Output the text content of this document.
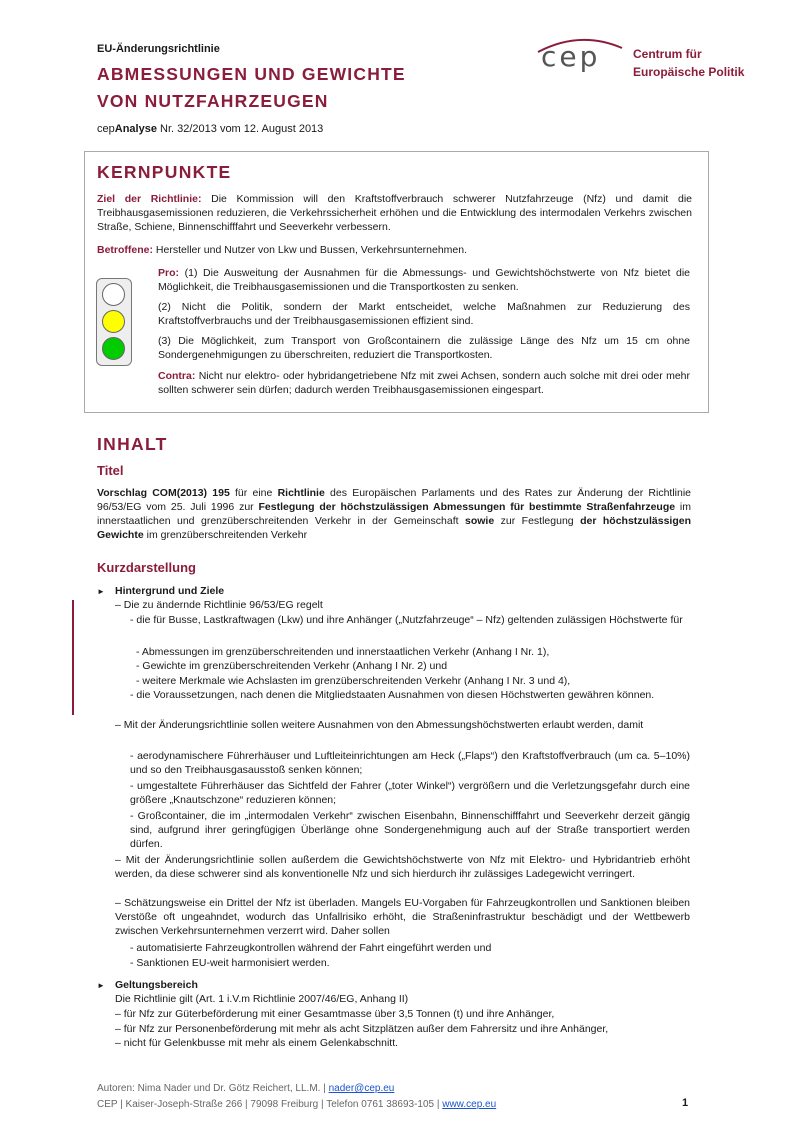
EU-Änderungsrichtlinie
ABMESSUNGEN UND GEWICHTE
VON NUTZFAHRZEUGEN
cepAnalyse Nr. 32/2013 vom 12. August 2013
cep	Centrum für
Europäische Politik
KERNPUNKTE
Ziel der Richtlinie: Die Kommission will den Kraftstoffverbrauch schwerer Nutzfahrzeuge (Nfz) und damit die Treibhausgasemissionen reduzieren, die Verkehrssicherheit erhöhen und die Entwicklung des intermodalen Verkehrs zwischen Straße, Schiene, Binnenschifffahrt und Seeverkehr verbessern.
Betroffene: Hersteller und Nutzer von Lkw und Bussen, Verkehrsunternehmen.
Pro: (1) Die Ausweitung der Ausnahmen für die Abmessungs- und Gewichtshöchstwerte von Nfz bietet die Möglichkeit, die Treibhausgasemissionen und die Transportkosten zu senken.
(2) Nicht die Politik, sondern der Markt entscheidet, welche Maßnahmen zur Reduzierung des Kraftstoffverbrauchs und der Treibhausgasemissionen effizient sind.
(3) Die Möglichkeit, zum Transport von Großcontainern die zulässige Länge des Nfz um 15 cm ohne Sondergenehmigungen zu überschreiten, reduziert die Transportkosten.
Contra: Nicht nur elektro- oder hybridangetriebene Nfz mit zwei Achsen, sondern auch solche mit drei oder mehr sollten schwerer sein dürfen; dadurch werden Treibhausgasemissionen eingespart.
INHALT
Titel
Vorschlag COM(2013) 195 für eine Richtlinie des Europäischen Parlaments und des Rates zur Änderung der Richtlinie 96/53/EG vom 25. Juli 1996 zur Festlegung der höchstzulässigen Abmessungen für bestimmte Straßenfahrzeuge im innerstaatlichen und grenzüberschreitenden Verkehr in der Gemeinschaft sowie zur Festlegung der höchstzulässigen Gewichte im grenzüberschreitenden Verkehr
Kurzdarstellung
► Hintergrund und Ziele
– Die zu ändernde Richtlinie 96/53/EG regelt
- die für Busse, Lastkraftwagen (Lkw) und ihre Anhänger („Nutzfahrzeuge“ – Nfz) geltenden zulässigen Höchstwerte für
- Abmessungen im grenzüberschreitenden und innerstaatlichen Verkehr (Anhang I Nr. 1),
- Gewichte im grenzüberschreitenden Verkehr (Anhang I Nr. 2) und
- weitere Merkmale wie Achslasten im grenzüberschreitenden Verkehr (Anhang I Nr. 3 und 4),
- die Voraussetzungen, nach denen die Mitgliedstaaten Ausnahmen von diesen Höchstwerten gewähren können.
– Mit der Änderungsrichtlinie sollen weitere Ausnahmen von den Abmessungshöchstwerten erlaubt werden, damit
- aerodynamischere Führerhäuser und Luftleiteinrichtungen am Heck („Flaps“) den Kraftstoffverbrauch (um ca. 5–10%) und so den Treibhausgasausstoß senken können;
- umgestaltete Führerhäuser das Sichtfeld der Fahrer („toter Winkel“) vergrößern und die Verletzungsgefahr durch eine größere „Knautschzone“ reduzieren können;
- Großcontainer, die im „intermodalen Verkehr“ zwischen Eisenbahn, Binnenschifffahrt und Seeverkehr derzeit gängig sind, aufgrund ihrer geringfügigen Überlänge ohne Sondergenehmigung auch auf der Straße transportiert werden dürfen.
– Mit der Änderungsrichtlinie sollen außerdem die Gewichtshöchstwerte von Nfz mit Elektro- und Hybridantrieb erhöht werden, da diese schwerer sind als konventionelle Nfz und sich hierdurch ihr zulässiges Ladegewicht verringert.
– Schätzungsweise ein Drittel der Nfz ist überladen. Mangels EU-Vorgaben für Fahrzeugkontrollen und Sanktionen bleiben Verstöße oft ungeahndet, wodurch das Unfallrisiko erhöht, die Straßeninfrastruktur beschädigt und der Wettbewerb zwischen Verkehrsunternehmen verzerrt wird. Daher sollen
- automatisierte Fahrzeugkontrollen während der Fahrt eingeführt werden und
- Sanktionen EU-weit harmonisiert werden.
► Geltungsbereich
Die Richtlinie gilt (Art. 1 i.V.m Richtlinie 2007/46/EG, Anhang II)
– für Nfz zur Güterbeförderung mit einer Gesamtmasse über 3,5 Tonnen (t) und ihre Anhänger,
– für Nfz zur Personenbeförderung mit mehr als acht Sitzplätzen außer dem Fahrersitz und ihre Anhänger,
– nicht für Gelenkbusse mit mehr als einem Gelenkabschnitt.
Autoren: Nima Nader und Dr. Götz Reichert, LL.M. | nader@cep.eu
CEP | Kaiser-Joseph-Straße 266 | 79098 Freiburg | Telefon 0761 38693-105 | www.cep.eu	1
